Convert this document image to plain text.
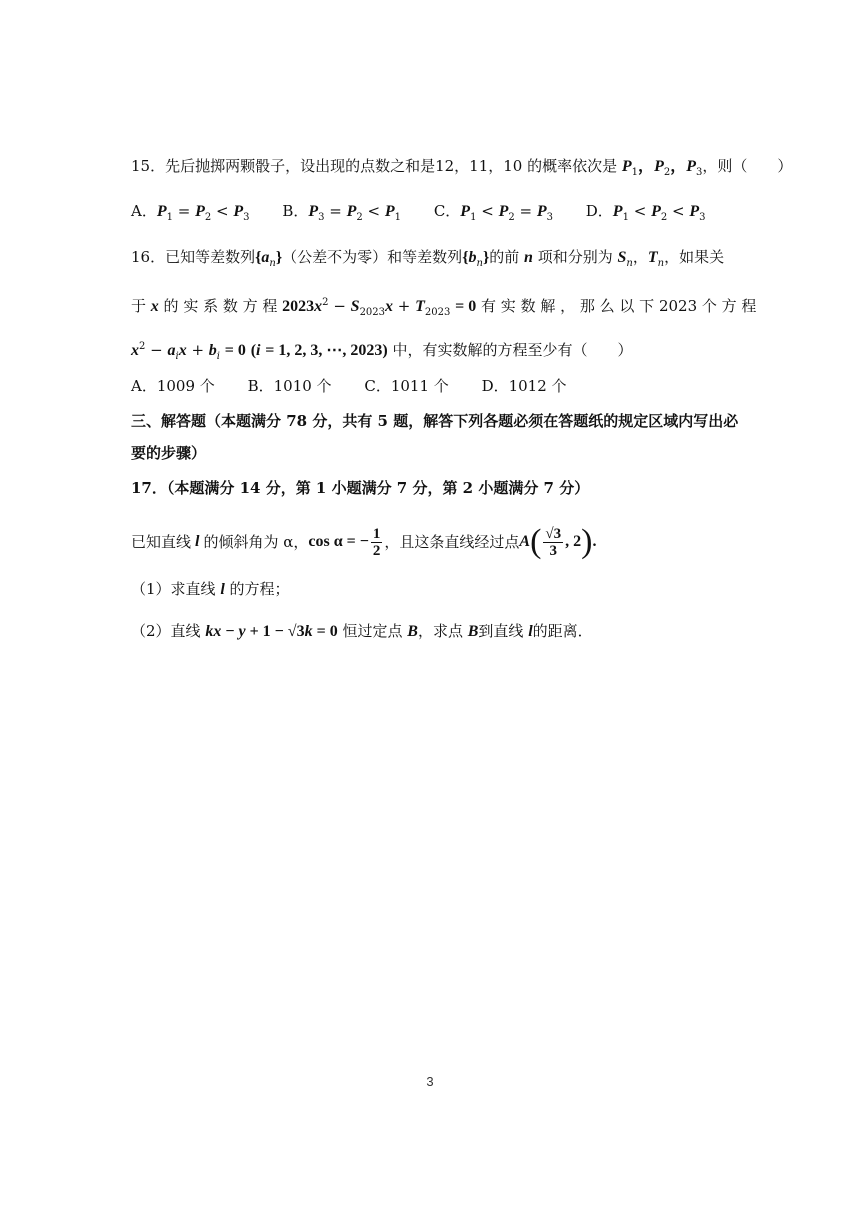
15．先后抛掷两颗骰子，设出现的点数之和是12，11，10 的概率依次是 $P_1$，$P_2$，$P_3$，则（　　）
A．$P_1 = P_2 < P_3$ B．$P_3 = P_2 < P_1$ C．$P_1 < P_2 = P_3$ D．$P_1 < P_2 < P_3$
16．已知等差数列$\{a_n\}$（公差不为零）和等差数列$\{b_n\}$的前 n 项和分别为 $S_n$，$T_n$，如果关
于 x 的 实 系 数 方 程 $2023x^2 - S_{2023}x + T_{2023} = 0$ 有 实 数 解 ， 那 么 以 下 2023 个 方 程
$x^2 - a_ix + b_i = 0$ (i = 1, 2, 3, ⋯, 2023) 中，有实数解的方程至少有（　　）
A．1009 个 B．1010 个 C．1011 个 D．1012 个
三、解答题（本题满分 78 分，共有 5 题，解答下列各题必须在答题纸的规定区域内写出必
要的步骤）
17．（本题满分 14 分，第 1 小题满分 7 分，第 2 小题满分 7 分）
已知直线 l 的倾斜角为 α， cos α = − $\frac{1}{2}$ ，且这条直线经过点 A ( $\frac{√3}{3}$ , 2 ) .
（1）求直线 l 的方程；
（2）直线 kx − y + 1 − √3k = 0 恒过定点 B，求点 B到直线 l的距离．
3
